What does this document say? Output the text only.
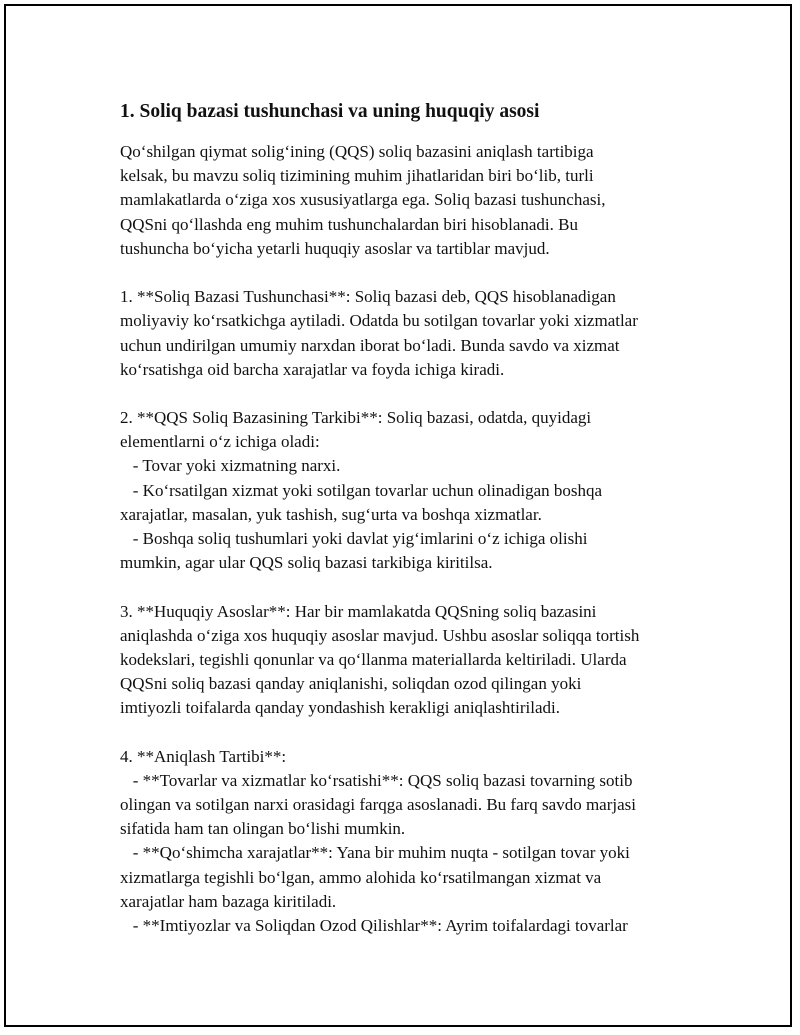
1. Soliq bazasi tushunchasi va uning huquqiy asosi
Qo‘shilgan qiymat solig‘ining (QQS) soliq bazasini aniqlash tartibiga
kelsak, bu mavzu soliq tizimining muhim jihatlaridan biri bo‘lib, turli
mamlakatlarda o‘ziga xos xususiyatlarga ega. Soliq bazasi tushunchasi,
QQSni qo‘llashda eng muhim tushunchalardan biri hisoblanadi. Bu
tushuncha bo‘yicha yetarli huquqiy asoslar va tartiblar mavjud.
1. **Soliq Bazasi Tushunchasi**: Soliq bazasi deb, QQS hisoblanadigan
moliyaviy ko‘rsatkichga aytiladi. Odatda bu sotilgan tovarlar yoki xizmatlar
uchun undirilgan umumiy narxdan iborat bo‘ladi. Bunda savdo va xizmat
ko‘rsatishga oid barcha xarajatlar va foyda ichiga kiradi.
2. **QQS Soliq Bazasining Tarkibi**: Soliq bazasi, odatda, quyidagi
elementlarni o‘z ichiga oladi:
- Tovar yoki xizmatning narxi.
- Ko‘rsatilgan xizmat yoki sotilgan tovarlar uchun olinadigan boshqa
xarajatlar, masalan, yuk tashish, sug‘urta va boshqa xizmatlar.
- Boshqa soliq tushumlari yoki davlat yig‘imlarini o‘z ichiga olishi
mumkin, agar ular QQS soliq bazasi tarkibiga kiritilsa.
3. **Huquqiy Asoslar**: Har bir mamlakatda QQSning soliq bazasini
aniqlashda o‘ziga xos huquqiy asoslar mavjud. Ushbu asoslar soliqqa tortish
kodekslari, tegishli qonunlar va qo‘llanma materiallarda keltiriladi. Ularda
QQSni soliq bazasi qanday aniqlanishi, soliqdan ozod qilingan yoki
imtiyozli toifalarda qanday yondashish kerakligi aniqlashtiriladi.
4. **Aniqlash Tartibi**:
- **Tovarlar va xizmatlar ko‘rsatishi**: QQS soliq bazasi tovarning sotib
olingan va sotilgan narxi orasidagi farqga asoslanadi. Bu farq savdo marjasi
sifatida ham tan olingan bo‘lishi mumkin.
- **Qo‘shimcha xarajatlar**: Yana bir muhim nuqta - sotilgan tovar yoki
xizmatlarga tegishli bo‘lgan, ammo alohida ko‘rsatilmangan xizmat va
xarajatlar ham bazaga kiritiladi.
- **Imtiyozlar va Soliqdan Ozod Qilishlar**: Ayrim toifalardagi tovarlar
